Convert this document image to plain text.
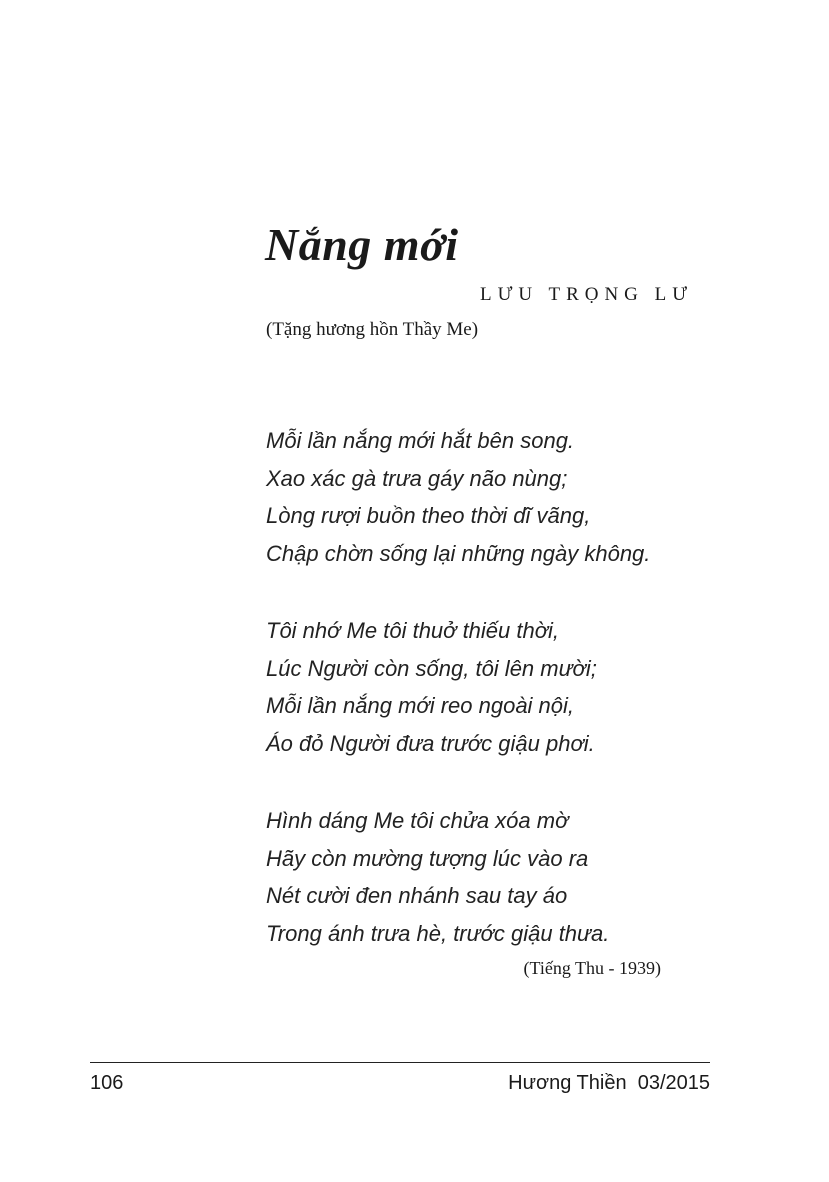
Nắng mới
LƯU TRỌNG LƯ
(Tặng hương hồn Thầy Me)
Mỗi lần nắng mới hắt bên song.
Xao xác gà trưa gáy não nùng;
Lòng rượi buồn theo thời dĩ vãng,
Chập chờn sống lại những ngày không.
Tôi nhớ Me tôi thuở thiếu thời,
Lúc Người còn sống, tôi lên mười;
Mỗi lần nắng mới reo ngoài nội,
Áo đỏ Người đưa trước giậu phơi.
Hình dáng Me tôi chửa xóa mờ
Hãy còn mường tượng lúc vào ra
Nét cười đen nhánh sau tay áo
Trong ánh trưa hè, trước giậu thưa.
(Tiếng Thu - 1939)
106	Hương Thiền  03/2015
